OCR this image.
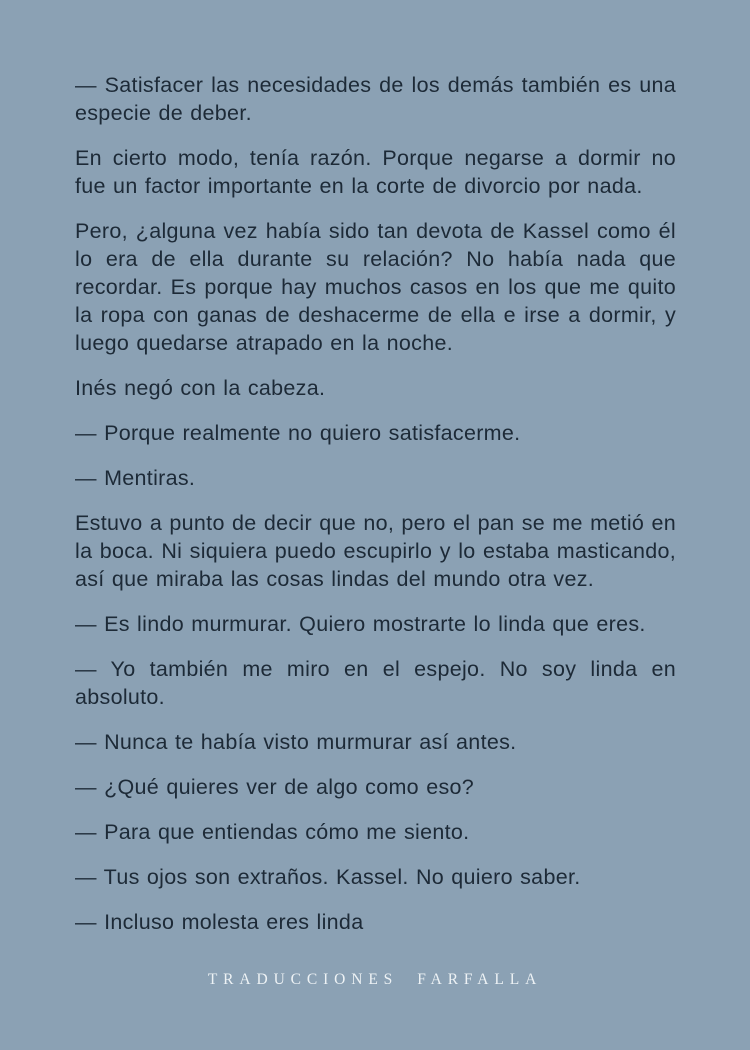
— Satisfacer las necesidades de los demás también es una especie de deber.

En cierto modo, tenía razón. Porque negarse a dormir no fue un factor importante en la corte de divorcio por nada.

Pero, ¿alguna vez había sido tan devota de Kassel como él lo era de ella durante su relación? No había nada que recordar. Es porque hay muchos casos en los que me quito la ropa con ganas de deshacerme de ella e irse a dormir, y luego quedarse atrapado en la noche.

Inés negó con la cabeza.

— Porque realmente no quiero satisfacerme.

— Mentiras.

Estuvo a punto de decir que no, pero el pan se me metió en la boca. Ni siquiera puedo escupirlo y lo estaba masticando, así que miraba las cosas lindas del mundo otra vez.

— Es lindo murmurar. Quiero mostrarte lo linda que eres.

— Yo también me miro en el espejo. No soy linda en absoluto.

— Nunca te había visto murmurar así antes.

— ¿Qué quieres ver de algo como eso?

— Para que entiendas cómo me siento.

— Tus ojos son extraños. Kassel. No quiero saber.

— Incluso molesta eres linda

TRADUCCIONES FARFALLA
